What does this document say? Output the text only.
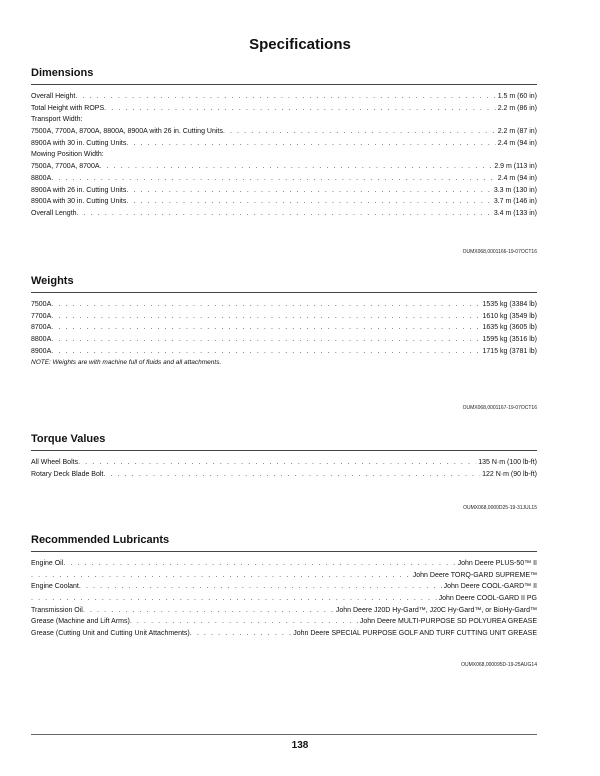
Specifications
Dimensions
Overall Height . . .	1.5 m (60 in)
Total Height with ROPS . . .	2.2 m (86 in)
Transport Width:
7500A, 7700A, 8700A, 8800A, 8900A with 26 in. Cutting Units . . .	2.2 m (87 in)
8900A with 30 in. Cutting Units . . .	2.4 m (94 in)
Mowing Position Width:
7500A, 7700A, 8700A . . .	2.9 m (113 in)
8800A . . .	2.4 m (94 in)
8900A with 26 in. Cutting Units . . .	3.3 m (130 in)
8900A with 30 in. Cutting Units . . .	3.7 m (146 in)
Overall Length . . .	3.4 m (133 in)
OUMX068,0001166-19-07OCT16
Weights
7500A . . .	1535 kg (3384 lb)
7700A . . .	1610 kg (3549 lb)
8700A . . .	1635 kg (3605 lb)
8800A . . .	1595 kg (3516 lb)
8900A . . .	1715 kg (3781 lb)
NOTE: Weights are with machine full of fluids and all attachments.
OUMX068,0001167-19-07OCT16
Torque Values
All Wheel Bolts . . .	135 N·m (100 lb-ft)
Rotary Deck Blade Bolt . . .	122 N·m (90 lb-ft)
OUMX068,0000D25-19-31JUL15
Recommended Lubricants
Engine Oil . . .	John Deere PLUS-50™ II
. . .
John Deere TORQ-GARD SUPREME™
Engine Coolant . . .	John Deere COOL-GARD™ II
. . .
John Deere COOL-GARD II PG
Transmission Oil . . .	John Deere J20D Hy-Gard™, J20C Hy-Gard™, or BioHy-Gard™
Grease (Machine and Lift Arms) . . .	John Deere MULTI-PURPOSE SD POLYUREA GREASE
Grease (Cutting Unit and Cutting Unit Attachments) . . .	John Deere SPECIAL PURPOSE GOLF AND TURF CUTTING UNIT GREASE
OUMX068,000095D-19-25AUG14
138
